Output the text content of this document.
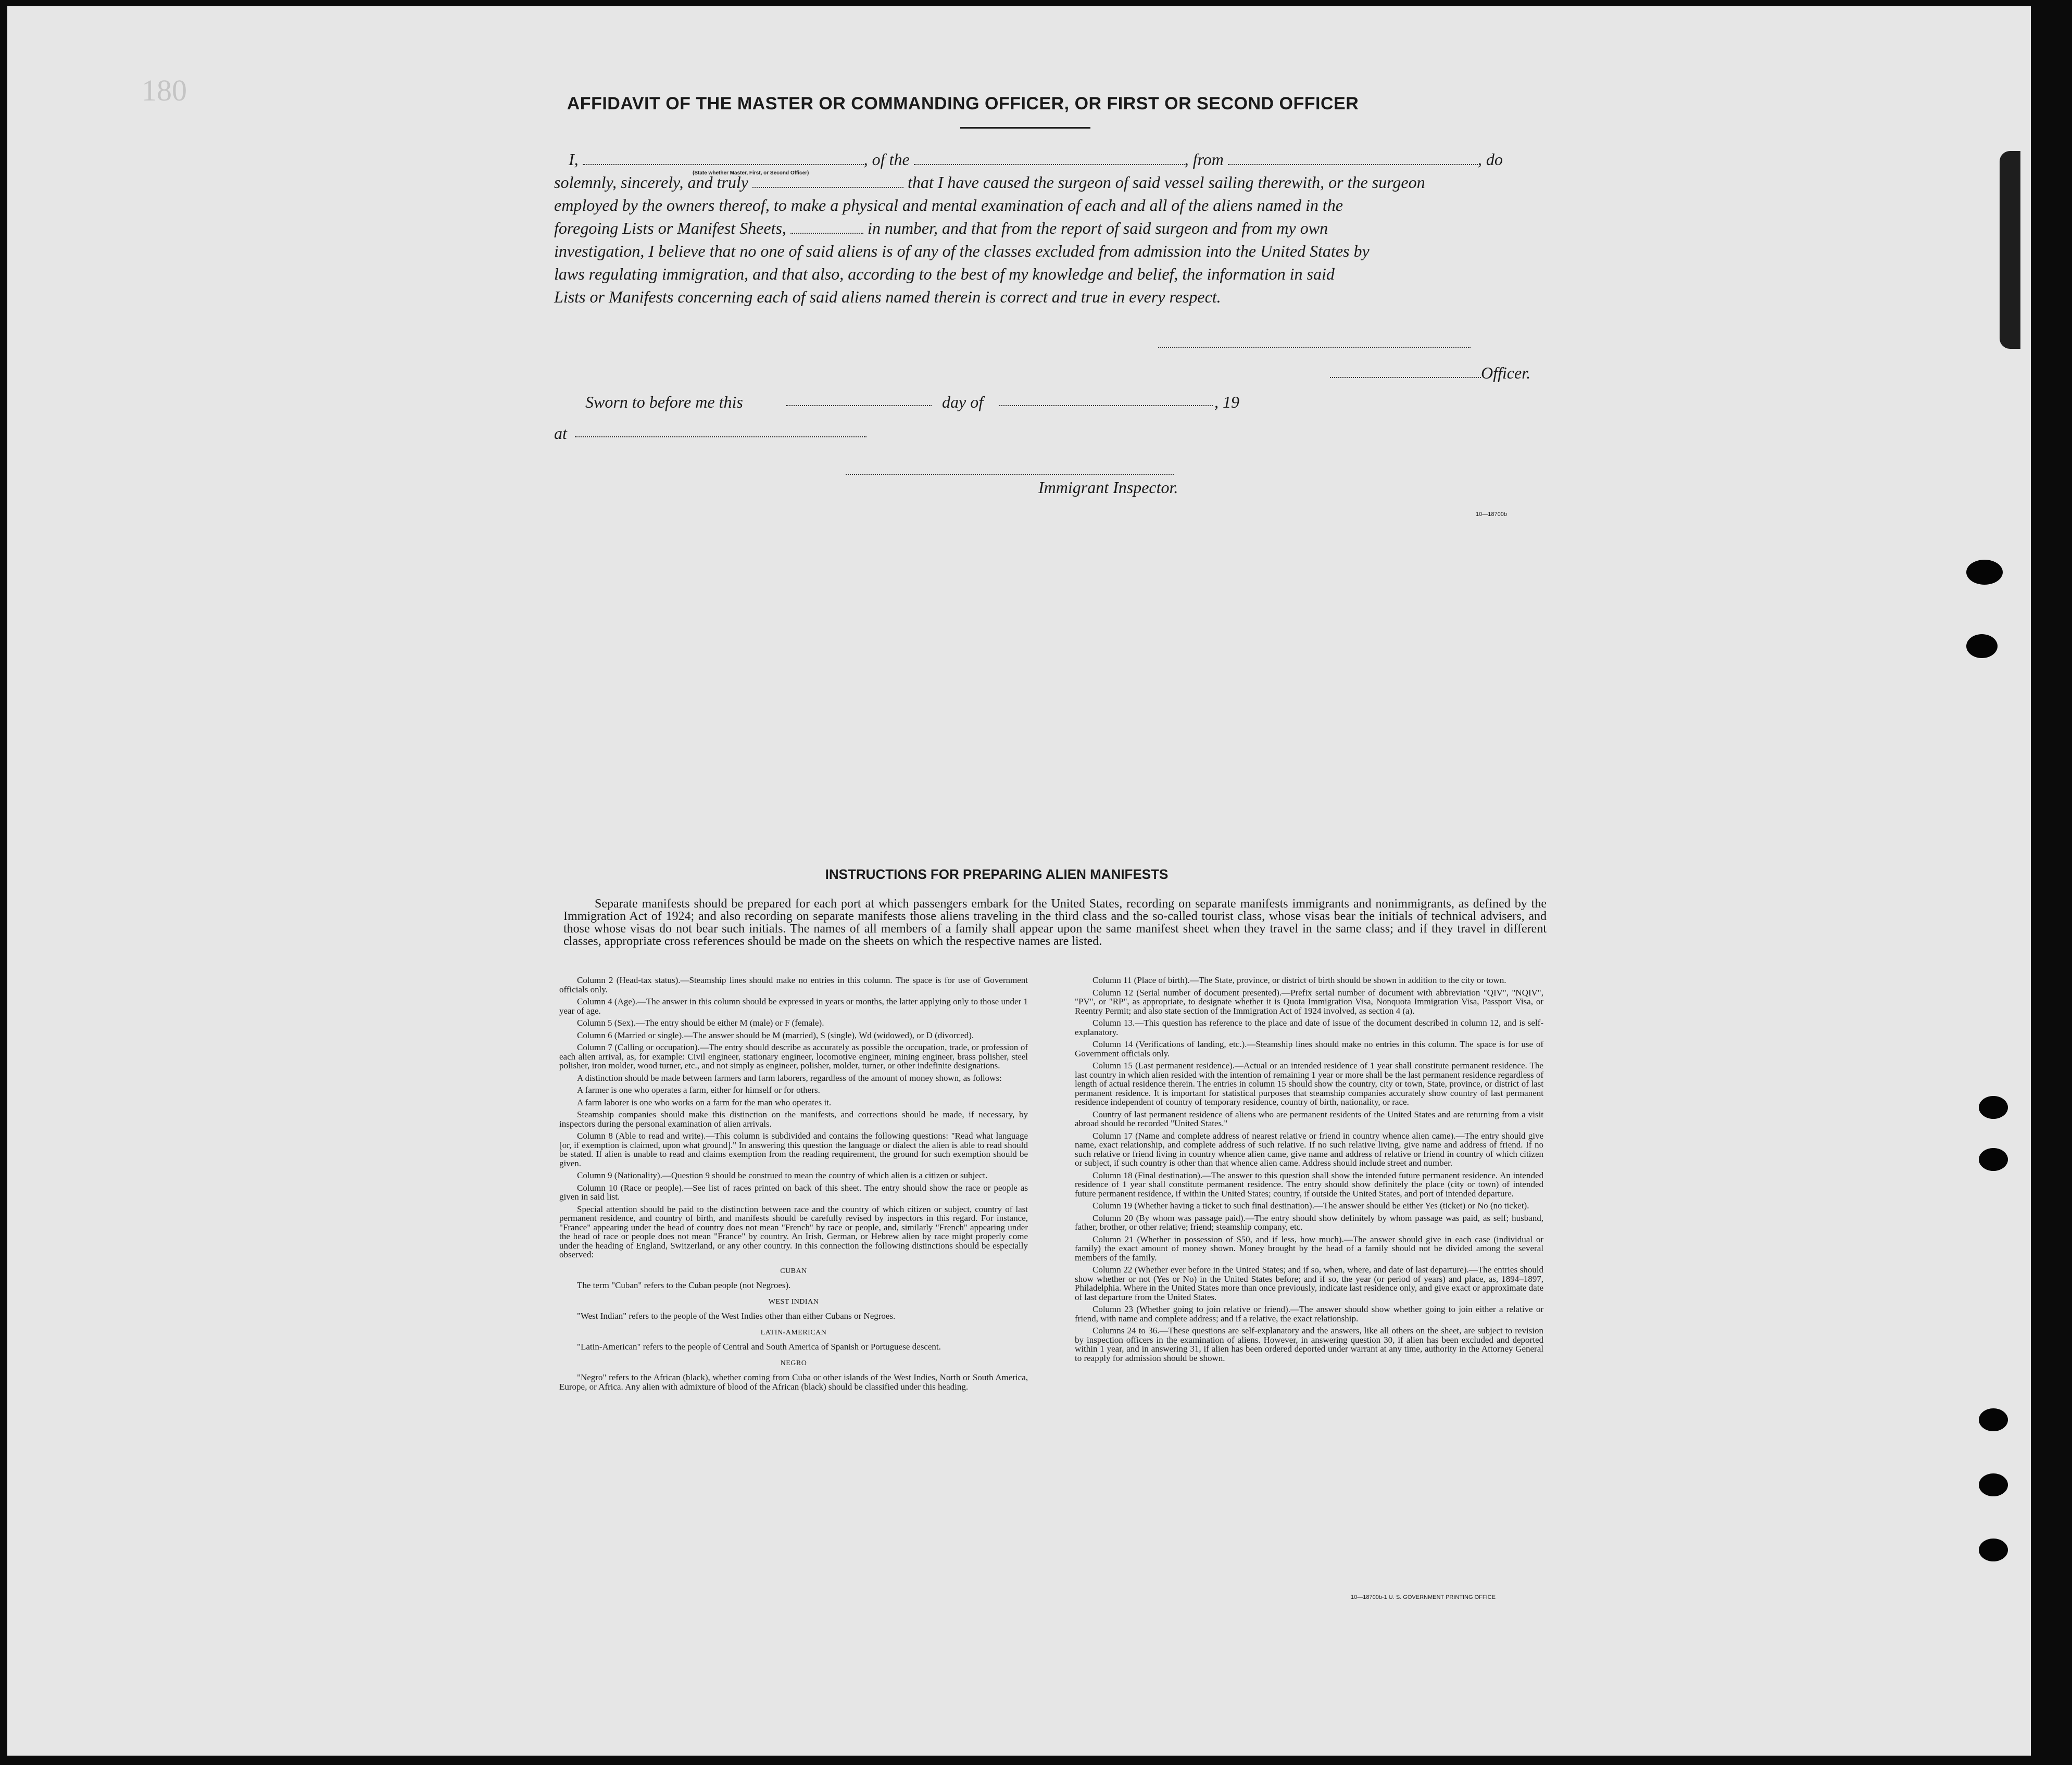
180	AFFIDAVIT OF THE MASTER OR COMMANDING OFFICER, OR FIRST OR SECOND OFFICER
I,	, of the	, from	, do
solemnly, sincerely, and truly	that I have caused the surgeon of said vessel sailing therewith, or the surgeon
employed by the owners thereof, to make a physical and mental examination of each and all of the aliens named in the
foregoing Lists or Manifest Sheets,	in number, and that from the report of said surgeon and from my own
investigation, I believe that no one of said aliens is of any of the classes excluded from admission into the United States by
laws regulating immigration, and that also, according to the best of my knowledge and belief, the information in said
Lists or Manifests concerning each of said aliens named therein is correct and true in every respect.
(State whether Master, First, or Second Officer)
Officer.
Sworn to before me this	day of	, 19
at
Immigrant Inspector.
10—18700b
INSTRUCTIONS FOR PREPARING ALIEN MANIFESTS
Separate manifests should be prepared for each port at which passengers embark for the United States, recording on separate manifests immigrants and nonimmigrants, as defined by the Immigration Act of 1924; and also recording on separate manifests those aliens traveling in the third class and the so-called tourist class, whose visas bear the initials of technical advisers, and those whose visas do not bear such initials. The names of all members of a family shall appear upon the same manifest sheet when they travel in the same class; and if they travel in different classes, appropriate cross references should be made on the sheets on which the respective names are listed.

Column 2 (Head-tax status).—Steamship lines should make no entries in this column. The space is for use of Government officials only.

Column 4 (Age).—The answer in this column should be expressed in years or months, the latter applying only to those under 1 year of age.

Column 5 (Sex).—The entry should be either M (male) or F (female).

Column 6 (Married or single).—The answer should be M (married), S (single), Wd (widowed), or D (divorced).

Column 7 (Calling or occupation).—The entry should describe as accurately as possible the occupation, trade, or profession of each alien arrival, as, for example: Civil engineer, stationary engineer, locomotive engineer, mining engineer, brass polisher, steel polisher, iron molder, wood turner, etc., and not simply as engineer, polisher, molder, turner, or other indefinite designations.

A distinction should be made between farmers and farm laborers, regardless of the amount of money shown, as follows:

A farmer is one who operates a farm, either for himself or for others.

A farm laborer is one who works on a farm for the man who operates it.

Steamship companies should make this distinction on the manifests, and corrections should be made, if necessary, by inspectors during the personal examination of alien arrivals.

Column 8 (Able to read and write).—This column is subdivided and contains the following questions: "Read what language [or, if exemption is claimed, upon what ground]." In answering this question the language or dialect the alien is able to read should be stated. If alien is unable to read and claims exemption from the reading requirement, the ground for such exemption should be given.

Column 9 (Nationality).—Question 9 should be construed to mean the country of which alien is a citizen or subject.

Column 10 (Race or people).—See list of races printed on back of this sheet. The entry should show the race or people as given in said list.

Special attention should be paid to the distinction between race and the country of which citizen or subject, country of last permanent residence, and country of birth, and manifests should be carefully revised by inspectors in this regard. For instance, "France" appearing under the head of country does not mean "French" by race or people, and, similarly "French" appearing under the head of race or people does not mean "France" by country. An Irish, German, or Hebrew alien by race might properly come under the heading of England, Switzerland, or any other country. In this connection the following distinctions should be especially observed:

CUBAN

The term "Cuban" refers to the Cuban people (not Negroes).

WEST INDIAN

"West Indian" refers to the people of the West Indies other than either Cubans or Negroes.

LATIN-AMERICAN

"Latin-American" refers to the people of Central and South America of Spanish or Portuguese descent.

NEGRO

"Negro" refers to the African (black), whether coming from Cuba or other islands of the West Indies, North or South America, Europe, or Africa. Any alien with admixture of blood of the African (black) should be classified under this heading.

Column 11 (Place of birth).—The State, province, or district of birth should be shown in addition to the city or town.

Column 12 (Serial number of document presented).—Prefix serial number of document with abbreviation "QIV", "NQIV", "PV", or "RP", as appropriate, to designate whether it is Quota Immigration Visa, Nonquota Immigration Visa, Passport Visa, or Reentry Permit; and also state section of the Immigration Act of 1924 involved, as section 4 (a).

Column 13.—This question has reference to the place and date of issue of the document described in column 12, and is self-explanatory.

Column 14 (Verifications of landing, etc.).—Steamship lines should make no entries in this column. The space is for use of Government officials only.

Column 15 (Last permanent residence).—Actual or an intended residence of 1 year shall constitute permanent residence. The last country in which alien resided with the intention of remaining 1 year or more shall be the last permanent residence regardless of length of actual residence therein. The entries in column 15 should show the country, city or town, State, province, or district of last permanent residence. It is important for statistical purposes that steamship companies accurately show country of last permanent residence independent of country of temporary residence, country of birth, nationality, or race.

Country of last permanent residence of aliens who are permanent residents of the United States and are returning from a visit abroad should be recorded "United States."

Column 17 (Name and complete address of nearest relative or friend in country whence alien came).—The entry should give name, exact relationship, and complete address of such relative. If no such relative living, give name and address of friend. If no such relative or friend living in country whence alien came, give name and address of relative or friend in country of which citizen or subject, if such country is other than that whence alien came. Address should include street and number.

Column 18 (Final destination).—The answer to this question shall show the intended future permanent residence. An intended residence of 1 year shall constitute permanent residence. The entry should show definitely the place (city or town) of intended future permanent residence, if within the United States; country, if outside the United States, and port of intended departure.

Column 19 (Whether having a ticket to such final destination).—The answer should be either Yes (ticket) or No (no ticket).

Column 20 (By whom was passage paid).—The entry should show definitely by whom passage was paid, as self; husband, father, brother, or other relative; friend; steamship company, etc.

Column 21 (Whether in possession of $50, and if less, how much).—The answer should give in each case (individual or family) the exact amount of money shown. Money brought by the head of a family should not be divided among the several members of the family.

Column 22 (Whether ever before in the United States; and if so, when, where, and date of last departure).—The entries should show whether or not (Yes or No) in the United States before; and if so, the year (or period of years) and place, as, 1894–1897, Philadelphia. Where in the United States more than once previously, indicate last residence only, and give exact or approximate date of last departure from the United States.

Column 23 (Whether going to join relative or friend).—The answer should show whether going to join either a relative or friend, with name and complete address; and if a relative, the exact relationship.

Columns 24 to 36.—These questions are self-explanatory and the answers, like all others on the sheet, are subject to revision by inspection officers in the examination of aliens. However, in answering question 30, if alien has been excluded and deported within 1 year, and in answering 31, if alien has been ordered deported under warrant at any time, authority in the Attorney General to reapply for admission should be shown.

10—18700b-1 U. S. GOVERNMENT PRINTING OFFICE
